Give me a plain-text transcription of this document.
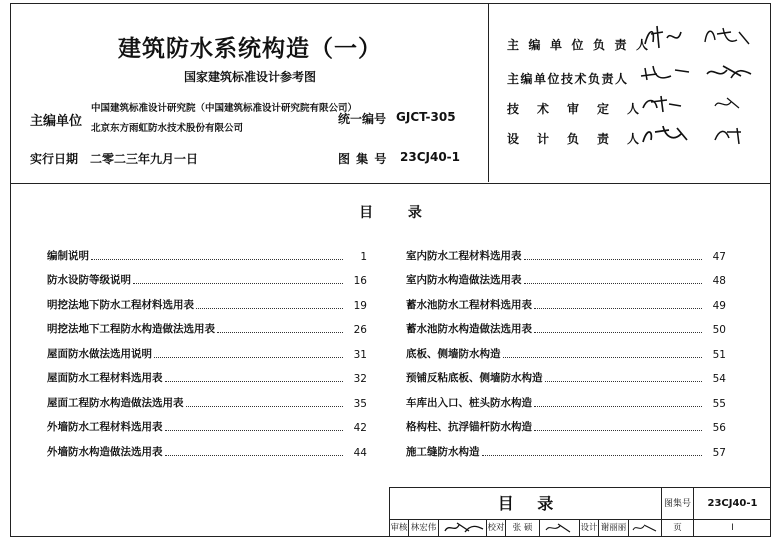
建筑防水系统构造（一）
国家建筑标准设计参考图
主编单位
中国建筑标准设计研究院（中国建筑标准设计研究院有限公司）
北京东方雨虹防水技术股份有限公司
统一编号 GJCT-305
实行日期 二零二三年九月一日	图 集 号 23CJ40-1
主编单位负责人
主编单位技术负责人
技术审定人
设计负责人
目 录
编制说明	1
防水设防等级说明	16
明挖法地下防水工程材料选用表	19
明挖法地下工程防水构造做法选用表	26
屋面防水做法选用说明	31
屋面防水工程材料选用表	32
屋面工程防水构造做法选用表	35
外墙防水工程材料选用表	42
外墙防水构造做法选用表	44
室内防水工程材料选用表	47
室内防水构造做法选用表	48
蓄水池防水工程材料选用表	49
蓄水池防水构造做法选用表	50
底板、侧墙防水构造	51
预铺反粘底板、侧墙防水构造	54
车库出入口、桩头防水构造	55
格构柱、抗浮锚杆防水构造	56
施工缝防水构造	57
目 录	图集号	23CJ40-1
审核 林宏伟	校对 张 硕	设计 谢丽丽	页	I
